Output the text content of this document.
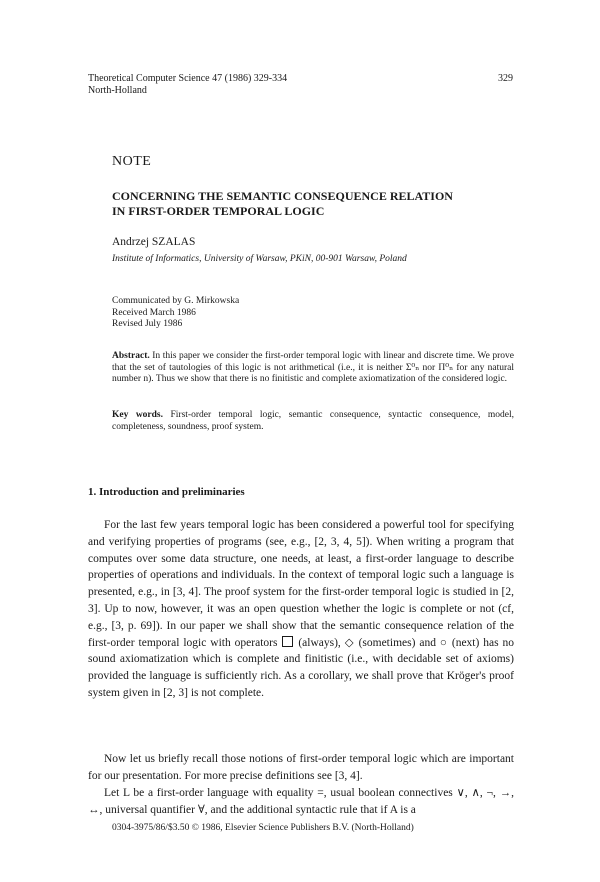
Theoretical Computer Science 47 (1986) 329-334
North-Holland
329
NOTE
CONCERNING THE SEMANTIC CONSEQUENCE RELATION
IN FIRST-ORDER TEMPORAL LOGIC
Andrzej SZALAS
Institute of Informatics, University of Warsaw, PKiN, 00-901 Warsaw, Poland
Communicated by G. Mirkowska
Received March 1986
Revised July 1986
Abstract. In this paper we consider the first-order temporal logic with linear and discrete time. We prove that the set of tautologies of this logic is not arithmetical (i.e., it is neither Σ⁰ₙ nor Π⁰ₙ for any natural number n). Thus we show that there is no finitistic and complete axiomatization of the considered logic.
Key words. First-order temporal logic, semantic consequence, syntactic consequence, model, completeness, soundness, proof system.
1. Introduction and preliminaries
For the last few years temporal logic has been considered a powerful tool for specifying and verifying properties of programs (see, e.g., [2, 3, 4, 5]). When writing a program that computes over some data structure, one needs, at least, a first-order language to describe properties of operations and individuals. In the context of temporal logic such a language is presented, e.g., in [3, 4]. The proof system for the first-order temporal logic is studied in [2, 3]. Up to now, however, it was an open question whether the logic is complete or not (cf, e.g., [3, p. 69]). In our paper we shall show that the semantic consequence relation of the first-order temporal logic with operators (always), ◇ (sometimes) and ○ (next) has no sound axiomatization which is complete and finitistic (i.e., with decidable set of axioms) provided the language is sufficiently rich. As a corollary, we shall prove that Kröger's proof system given in [2, 3] is not complete.
Now let us briefly recall those notions of first-order temporal logic which are important for our presentation. For more precise definitions see [3, 4].
Let L be a first-order language with equality =, usual boolean connectives ∨, ∧, ¬, →, ↔, universal quantifier ∀, and the additional syntactic rule that if A is a
0304-3975/86/$3.50 © 1986, Elsevier Science Publishers B.V. (North-Holland)
